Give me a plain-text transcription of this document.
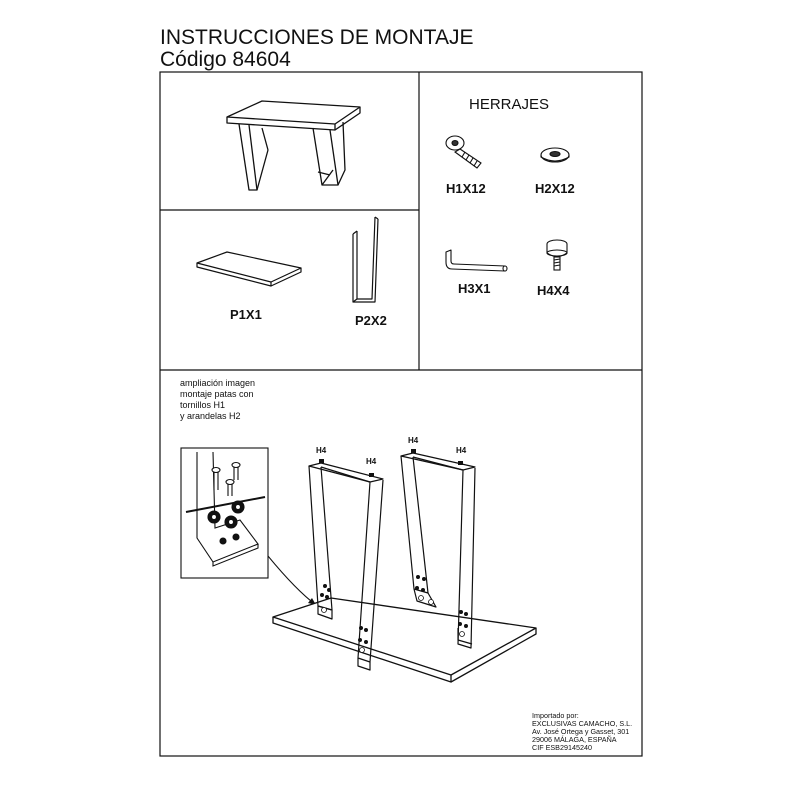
INSTRUCCIONES DE MONTAJE
Código 84604
HERRAJES
H1X12	H2X12
H3X1	H4X4
P1X1	P2X2
ampliación imagen
montaje patas con
tornillos H1
y arandelas H2
H4
H4
H4
H4
Importado por:
EXCLUSIVAS CAMACHO, S.L.
Av. José Ortega y Gasset, 301
29006 MÁLAGA, ESPAÑA
CIF ESB29145240
